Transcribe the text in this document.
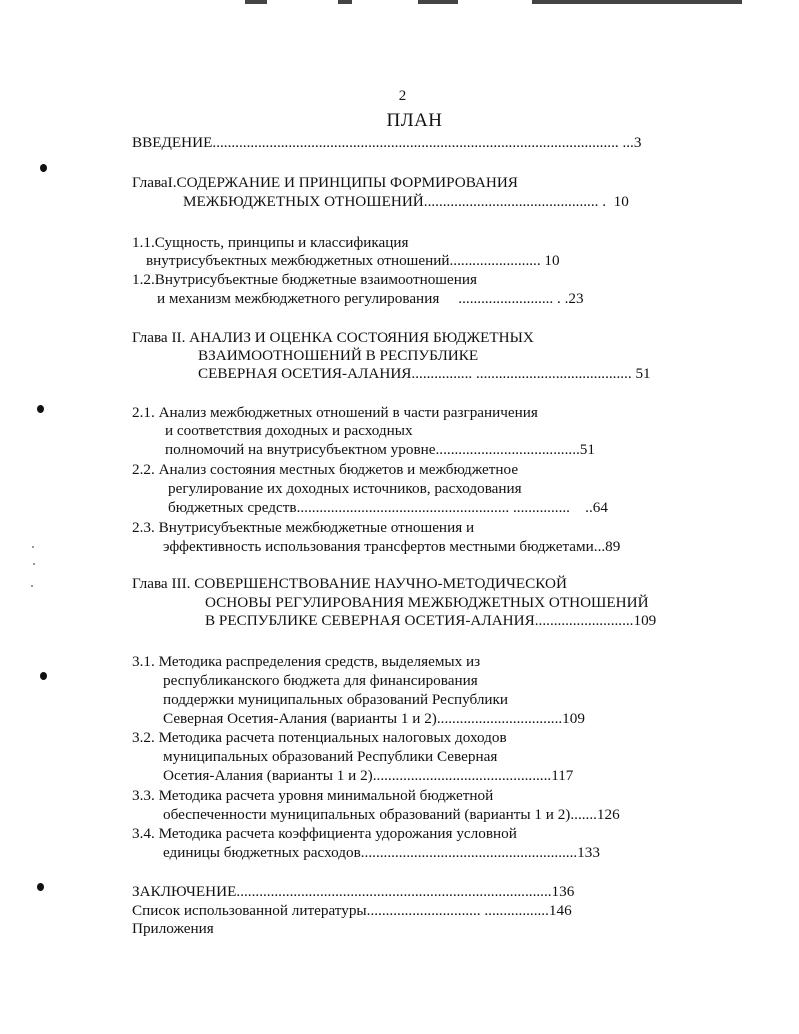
2
ПЛАН
ВВЕДЕНИЕ........................................................................................................... ...3
ГлаваI.СОДЕРЖАНИЕ И ПРИНЦИПЫ ФОРМИРОВАНИЯ
МЕЖБЮДЖЕТНЫХ ОТНОШЕНИЙ.............................................. .  10
1.1.Сущность, принципы и классификация
внутрисубъектных межбюджетных отношений........................ 10
1.2.Внутрисубъектные бюджетные взаимоотношения
и механизм межбюджетного регулирования     ......................... . .23
Глава II. АНАЛИЗ И ОЦЕНКА СОСТОЯНИЯ БЮДЖЕТНЫХ
ВЗАИМООТНОШЕНИЙ В РЕСПУБЛИКЕ
СЕВЕРНАЯ ОСЕТИЯ-АЛАНИЯ................ ......................................... 51
2.1. Анализ межбюджетных отношений в части разграничения
и соответствия доходных и расходных
полномочий на внутрисубъектном уровне......................................51
2.2. Анализ состояния местных бюджетов и межбюджетное
регулирование их доходных источников, расходования
бюджетных средств........................................................ ...............    ..64
2.3. Внутрисубъектные межбюджетные отношения и
эффективность использования трансфертов местными бюджетами...89
Глава III. СОВЕРШЕНСТВОВАНИЕ НАУЧНО-МЕТОДИЧЕСКОЙ
ОСНОВЫ РЕГУЛИРОВАНИЯ МЕЖБЮДЖЕТНЫХ ОТНОШЕНИЙ
В РЕСПУБЛИКЕ СЕВЕРНАЯ ОСЕТИЯ-АЛАНИЯ..........................109
3.1. Методика распределения средств, выделяемых из
республиканского бюджета для финансирования
поддержки муниципальных образований Республики
Северная Осетия-Алания (варианты 1 и 2).................................109
3.2. Методика расчета потенциальных налоговых доходов
муниципальных образований Республики Северная
Осетия-Алания (варианты 1 и 2)...............................................117
3.3. Методика расчета уровня минимальной бюджетной
обеспеченности муниципальных образований (варианты 1 и 2).......126
3.4. Методика расчета коэффициента удорожания условной
единицы бюджетных расходов.........................................................133
ЗАКЛЮЧЕНИЕ...................................................................................136
Список использованной литературы.............................. .................146
Приложения
